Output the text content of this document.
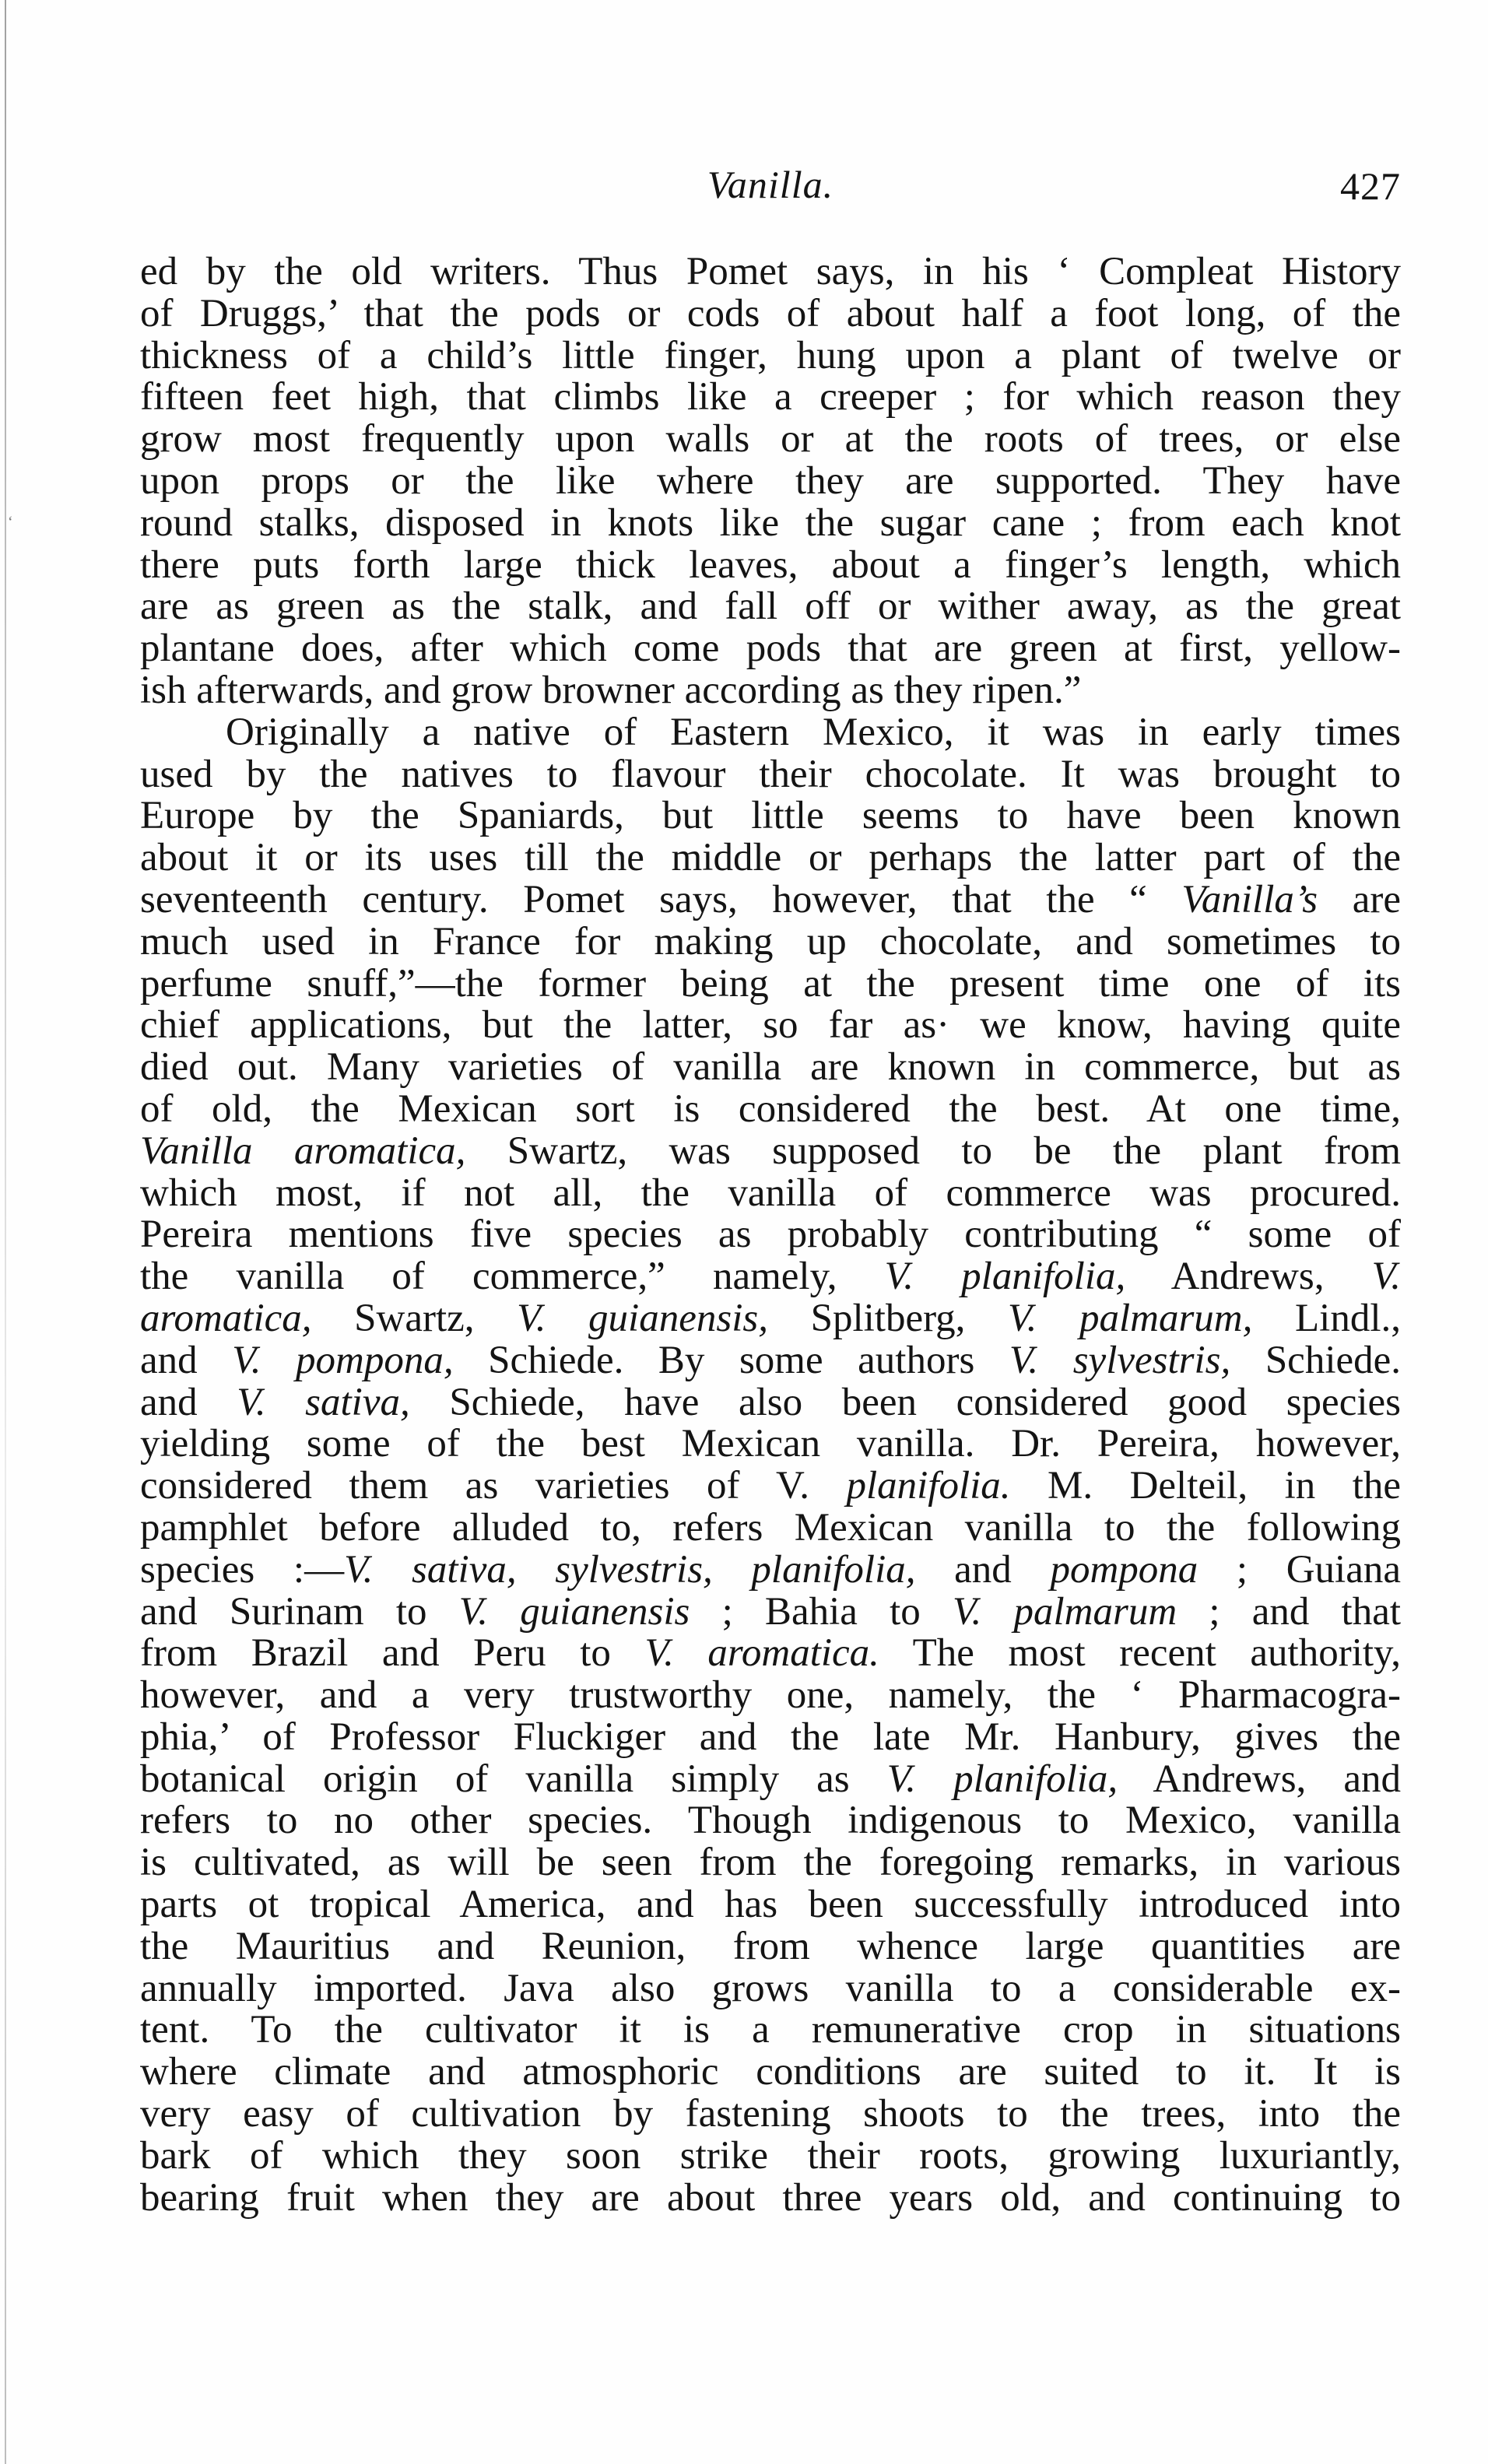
Vanilla.	427
‘
ed by the old writers. Thus Pomet says, in his ‘ Compleat History
of Druggs,’ that the pods or cods of about half a foot long, of the
thickness of a child’s little finger, hung upon a plant of twelve or
fifteen feet high, that climbs like a creeper ; for which reason they
grow most frequently upon walls or at the roots of trees, or else
upon props or the like where they are supported. They have
round stalks, disposed in knots like the sugar cane ; from each knot
there puts forth large thick leaves, about a finger’s length, which
are as green as the stalk, and fall off or wither away, as the great
plantane does, after which come pods that are green at first, yellow-
ish afterwards, and grow browner according as they ripen.”
Originally a native of Eastern Mexico, it was in early times
used by the natives to flavour their chocolate. It was brought to
Europe by the Spaniards, but little seems to have been known
about it or its uses till the middle or perhaps the latter part of the
seventeenth century. Pomet says, however, that the “ Vanilla’s are
much used in France for making up chocolate, and sometimes to
perfume snuff,”—the former being at the present time one of its
chief applications, but the latter, so far as· we know, having quite
died out. Many varieties of vanilla are known in commerce, but as
of old, the Mexican sort is considered the best. At one time,
Vanilla aromatica, Swartz, was supposed to be the plant from
which most, if not all, the vanilla of commerce was procured.
Pereira mentions five species as probably contributing “ some of
the vanilla of commerce,” namely, V. planifolia, Andrews, V.
aromatica, Swartz, V. guianensis, Splitberg, V. palmarum, Lindl.,
and V. pompona, Schiede. By some authors V. sylvestris, Schiede.
and V. sativa, Schiede, have also been considered good species
yielding some of the best Mexican vanilla. Dr. Pereira, however,
considered them as varieties of V. planifolia. M. Delteil, in the
pamphlet before alluded to, refers Mexican vanilla to the following
species :—V. sativa, sylvestris, planifolia, and pompona ; Guiana
and Surinam to V. guianensis ; Bahia to V. palmarum ; and that
from Brazil and Peru to V. aromatica. The most recent authority,
however, and a very trustworthy one, namely, the ‘ Pharmacogra-
phia,’ of Professor Fluckiger and the late Mr. Hanbury, gives the
botanical origin of vanilla simply as V. planifolia, Andrews, and
refers to no other species. Though indigenous to Mexico, vanilla
is cultivated, as will be seen from the foregoing remarks, in various
parts ot tropical America, and has been successfully introduced into
the Mauritius and Reunion, from whence large quantities are
annually imported. Java also grows vanilla to a considerable ex-
tent. To the cultivator it is a remunerative crop in situations
where climate and atmosphoric conditions are suited to it. It is
very easy of cultivation by fastening shoots to the trees, into the
bark of which they soon strike their roots, growing luxuriantly,
bearing fruit when they are about three years old, and continuing to
